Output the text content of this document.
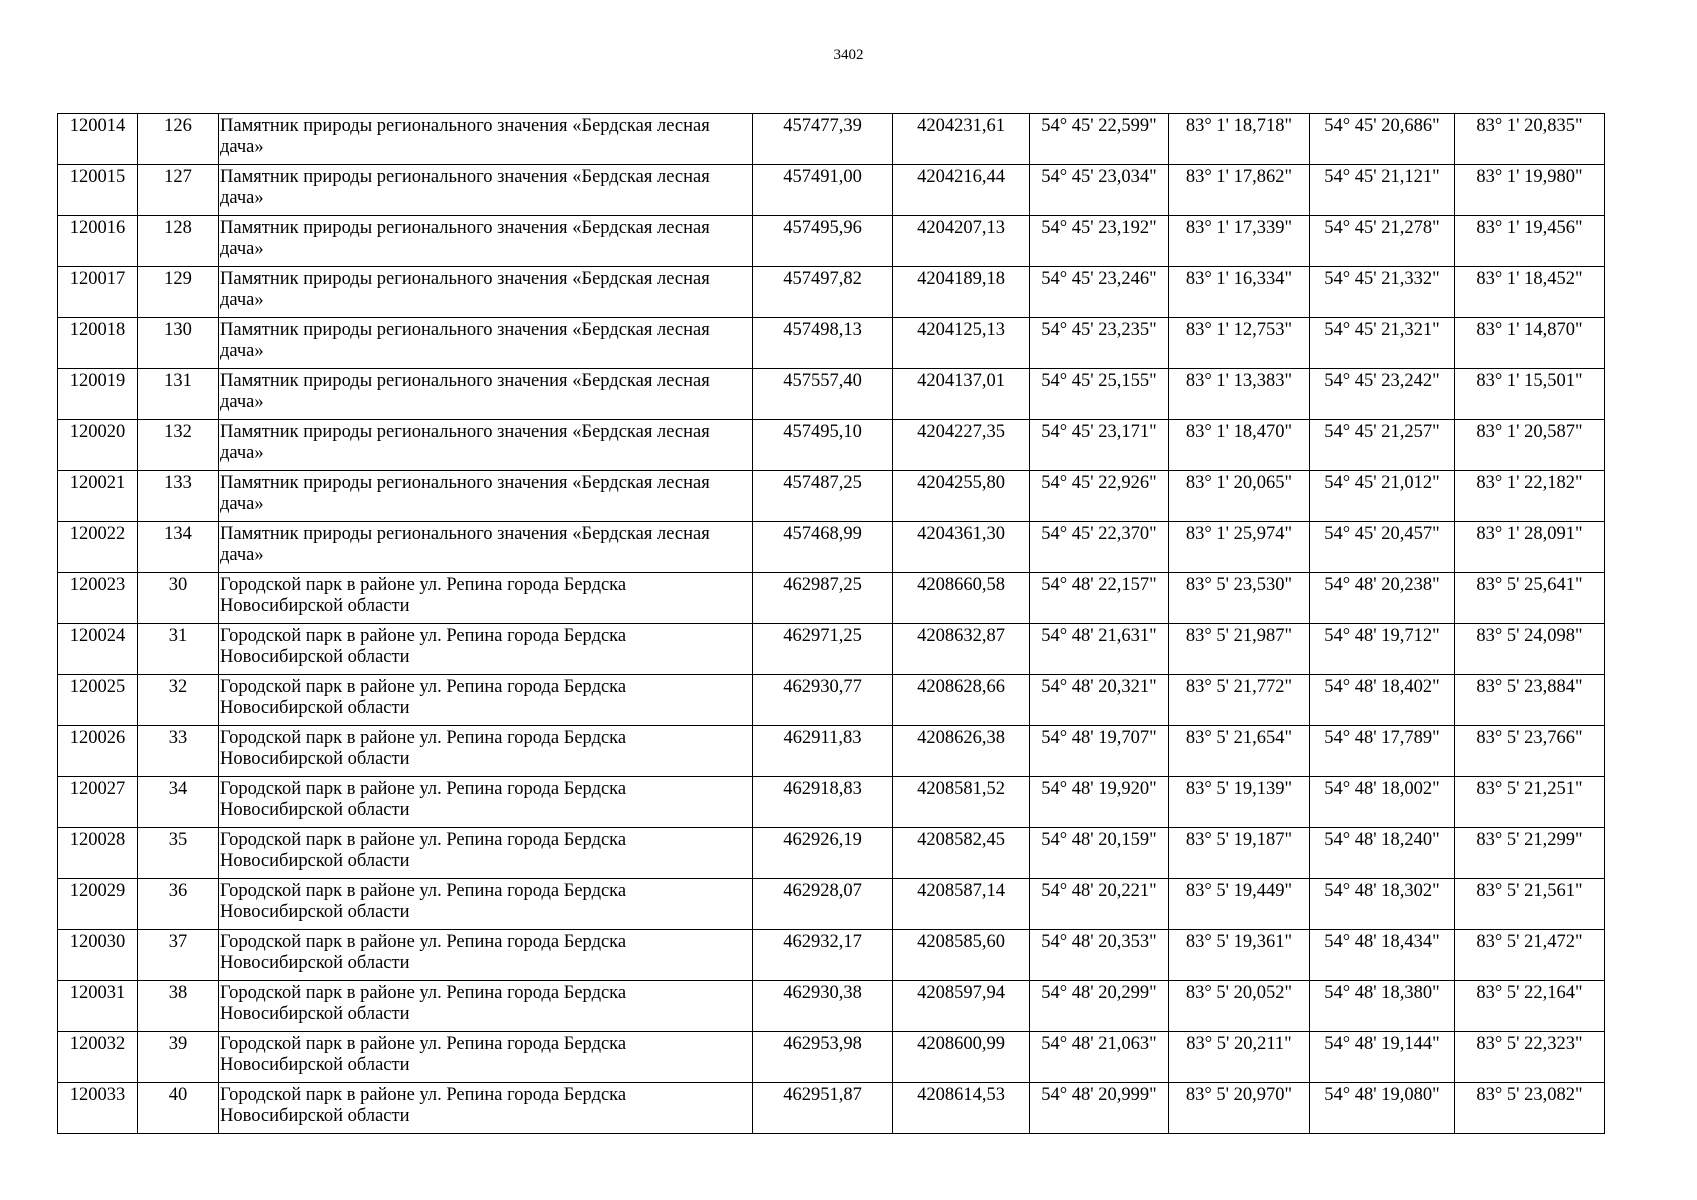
3402
120014	126	Памятник природы регионального значения «Бердская лесная дача»	457477,39	4204231,61	54° 45' 22,599"	83° 1' 18,718"	54° 45' 20,686"	83° 1' 20,835"
120015	127	Памятник природы регионального значения «Бердская лесная дача»	457491,00	4204216,44	54° 45' 23,034"	83° 1' 17,862"	54° 45' 21,121"	83° 1' 19,980"
120016	128	Памятник природы регионального значения «Бердская лесная дача»	457495,96	4204207,13	54° 45' 23,192"	83° 1' 17,339"	54° 45' 21,278"	83° 1' 19,456"
120017	129	Памятник природы регионального значения «Бердская лесная дача»	457497,82	4204189,18	54° 45' 23,246"	83° 1' 16,334"	54° 45' 21,332"	83° 1' 18,452"
120018	130	Памятник природы регионального значения «Бердская лесная дача»	457498,13	4204125,13	54° 45' 23,235"	83° 1' 12,753"	54° 45' 21,321"	83° 1' 14,870"
120019	131	Памятник природы регионального значения «Бердская лесная дача»	457557,40	4204137,01	54° 45' 25,155"	83° 1' 13,383"	54° 45' 23,242"	83° 1' 15,501"
120020	132	Памятник природы регионального значения «Бердская лесная дача»	457495,10	4204227,35	54° 45' 23,171"	83° 1' 18,470"	54° 45' 21,257"	83° 1' 20,587"
120021	133	Памятник природы регионального значения «Бердская лесная дача»	457487,25	4204255,80	54° 45' 22,926"	83° 1' 20,065"	54° 45' 21,012"	83° 1' 22,182"
120022	134	Памятник природы регионального значения «Бердская лесная дача»	457468,99	4204361,30	54° 45' 22,370"	83° 1' 25,974"	54° 45' 20,457"	83° 1' 28,091"
120023	30	Городской парк в районе ул. Репина города Бердска Новосибирской области	462987,25	4208660,58	54° 48' 22,157"	83° 5' 23,530"	54° 48' 20,238"	83° 5' 25,641"
120024	31	Городской парк в районе ул. Репина города Бердска Новосибирской области	462971,25	4208632,87	54° 48' 21,631"	83° 5' 21,987"	54° 48' 19,712"	83° 5' 24,098"
120025	32	Городской парк в районе ул. Репина города Бердска Новосибирской области	462930,77	4208628,66	54° 48' 20,321"	83° 5' 21,772"	54° 48' 18,402"	83° 5' 23,884"
120026	33	Городской парк в районе ул. Репина города Бердска Новосибирской области	462911,83	4208626,38	54° 48' 19,707"	83° 5' 21,654"	54° 48' 17,789"	83° 5' 23,766"
120027	34	Городской парк в районе ул. Репина города Бердска Новосибирской области	462918,83	4208581,52	54° 48' 19,920"	83° 5' 19,139"	54° 48' 18,002"	83° 5' 21,251"
120028	35	Городской парк в районе ул. Репина города Бердска Новосибирской области	462926,19	4208582,45	54° 48' 20,159"	83° 5' 19,187"	54° 48' 18,240"	83° 5' 21,299"
120029	36	Городской парк в районе ул. Репина города Бердска Новосибирской области	462928,07	4208587,14	54° 48' 20,221"	83° 5' 19,449"	54° 48' 18,302"	83° 5' 21,561"
120030	37	Городской парк в районе ул. Репина города Бердска Новосибирской области	462932,17	4208585,60	54° 48' 20,353"	83° 5' 19,361"	54° 48' 18,434"	83° 5' 21,472"
120031	38	Городской парк в районе ул. Репина города Бердска Новосибирской области	462930,38	4208597,94	54° 48' 20,299"	83° 5' 20,052"	54° 48' 18,380"	83° 5' 22,164"
120032	39	Городской парк в районе ул. Репина города Бердска Новосибирской области	462953,98	4208600,99	54° 48' 21,063"	83° 5' 20,211"	54° 48' 19,144"	83° 5' 22,323"
120033	40	Городской парк в районе ул. Репина города Бердска Новосибирской области	462951,87	4208614,53	54° 48' 20,999"	83° 5' 20,970"	54° 48' 19,080"	83° 5' 23,082"
